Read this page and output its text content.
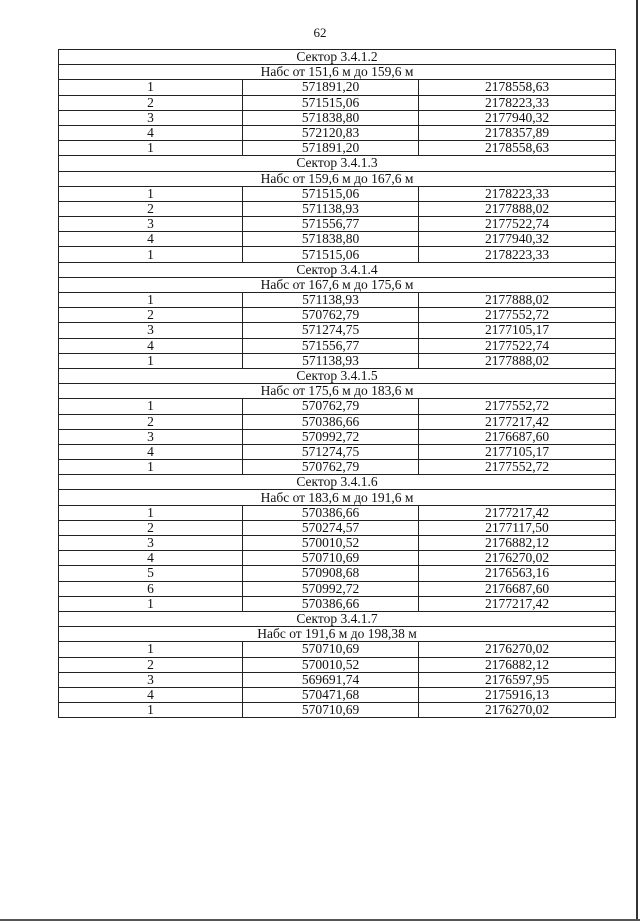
62
Сектор 3.4.1.2		
Набс от 151,6 м до 159,6 м		
1	571891,20	2178558,63
2	571515,06	2178223,33
3	571838,80	2177940,32
4	572120,83	2178357,89
1	571891,20	2178558,63
Сектор 3.4.1.3		
Набс от 159,6 м до 167,6 м		
1	571515,06	2178223,33
2	571138,93	2177888,02
3	571556,77	2177522,74
4	571838,80	2177940,32
1	571515,06	2178223,33
Сектор 3.4.1.4		
Набс от 167,6 м до 175,6 м		
1	571138,93	2177888,02
2	570762,79	2177552,72
3	571274,75	2177105,17
4	571556,77	2177522,74
1	571138,93	2177888,02
Сектор 3.4.1.5		
Набс от 175,6 м до 183,6 м		
1	570762,79	2177552,72
2	570386,66	2177217,42
3	570992,72	2176687,60
4	571274,75	2177105,17
1	570762,79	2177552,72
Сектор 3.4.1.6		
Набс от 183,6 м до 191,6 м		
1	570386,66	2177217,42
2	570274,57	2177117,50
3	570010,52	2176882,12
4	570710,69	2176270,02
5	570908,68	2176563,16
6	570992,72	2176687,60
1	570386,66	2177217,42
Сектор 3.4.1.7		
Набс от 191,6 м до 198,38 м		
1	570710,69	2176270,02
2	570010,52	2176882,12
3	569691,74	2176597,95
4	570471,68	2175916,13
1	570710,69	2176270,02
